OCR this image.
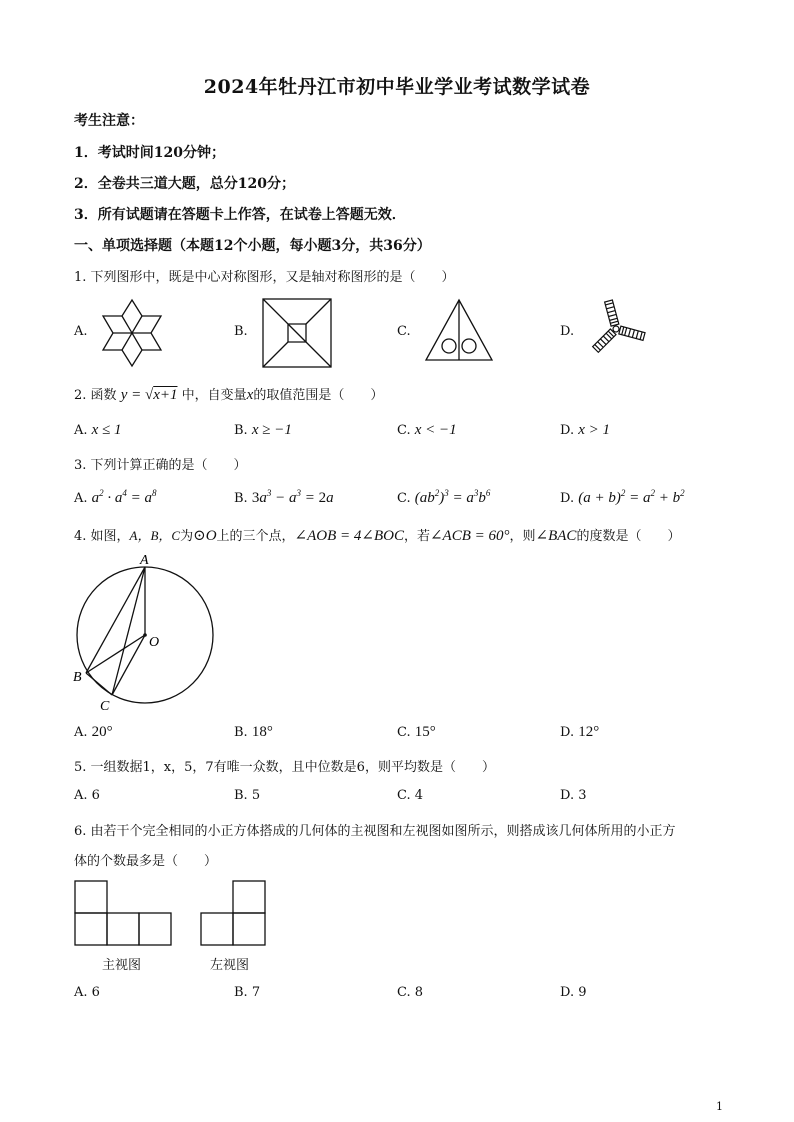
2024年牡丹江市初中毕业学业考试数学试卷
考生注意：
1．考试时间120分钟；
2．全卷共三道大题，总分120分；
3．所有试题请在答题卡上作答，在试卷上答题无效．
一、单项选择题（本题12个小题，每小题3分，共36分）
1. 下列图形中，既是中心对称图形，又是轴对称图形的是（　　）
A.	B.	C.	D.
2. 函数 y = √x+1 中，自变量x的取值范围是（　　）
A. x ≤ 1	B. x ≥ −1	C. x < −1	D. x > 1
3. 下列计算正确的是（　　）
A. $a^2 \cdot a^4 = a^8$	B. $3a^3 - a^3 = 2a$	C. $(ab^2)^3 = a^3b^6$	D. $(a + b)^2 = a^2 + b^2$
4. 如图，A，B，C为⊙O上的三个点，∠AOB = 4∠BOC，若∠ACB = 60°，则∠BAC的度数是（　　）
A
O
B
C
A. 20°	B. 18°	C. 15°	D. 12°
5. 一组数据1，x，5，7有唯一众数，且中位数是6，则平均数是（　　）
A. 6	B. 5	C. 4	D. 3
6. 由若干个完全相同的小正方体搭成的几何体的主视图和左视图如图所示，则搭成该几何体所用的小正方
体的个数最多是（　　）
主视图	左视图
A. 6	B. 7	C. 8	D. 9
1
